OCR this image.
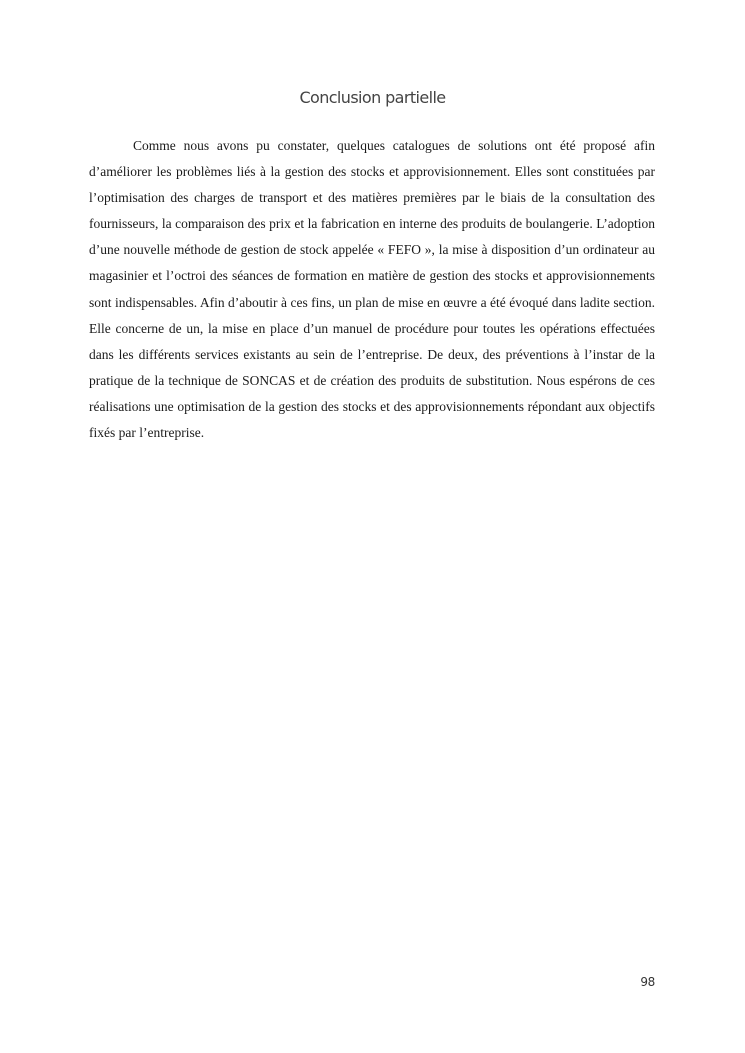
Conclusion partielle

Comme nous avons pu constater, quelques catalogues de solutions ont été proposé afin d’améliorer les problèmes liés à la gestion des stocks et approvisionnement. Elles sont constituées par l’optimisation des charges de transport et des matières premières par le biais de la consultation des fournisseurs, la comparaison des prix et la fabrication en interne des produits de boulangerie. L’adoption d’une nouvelle méthode de gestion de stock appelée « FEFO », la mise à disposition d’un ordinateur au magasinier et l’octroi des séances de formation en matière de gestion des stocks et approvisionnements sont indispensables. Afin d’aboutir à ces fins, un plan de mise en œuvre a été évoqué dans ladite section. Elle concerne de un, la mise en place d’un manuel de procédure pour toutes les opérations effectuées dans les différents services existants au sein de l’entreprise. De deux, des préventions à l’instar de la pratique de la technique de SONCAS et de création des produits de substitution. Nous espérons de ces réalisations une optimisation de la gestion des stocks et des approvisionnements répondant aux objectifs fixés par l’entreprise.

98
